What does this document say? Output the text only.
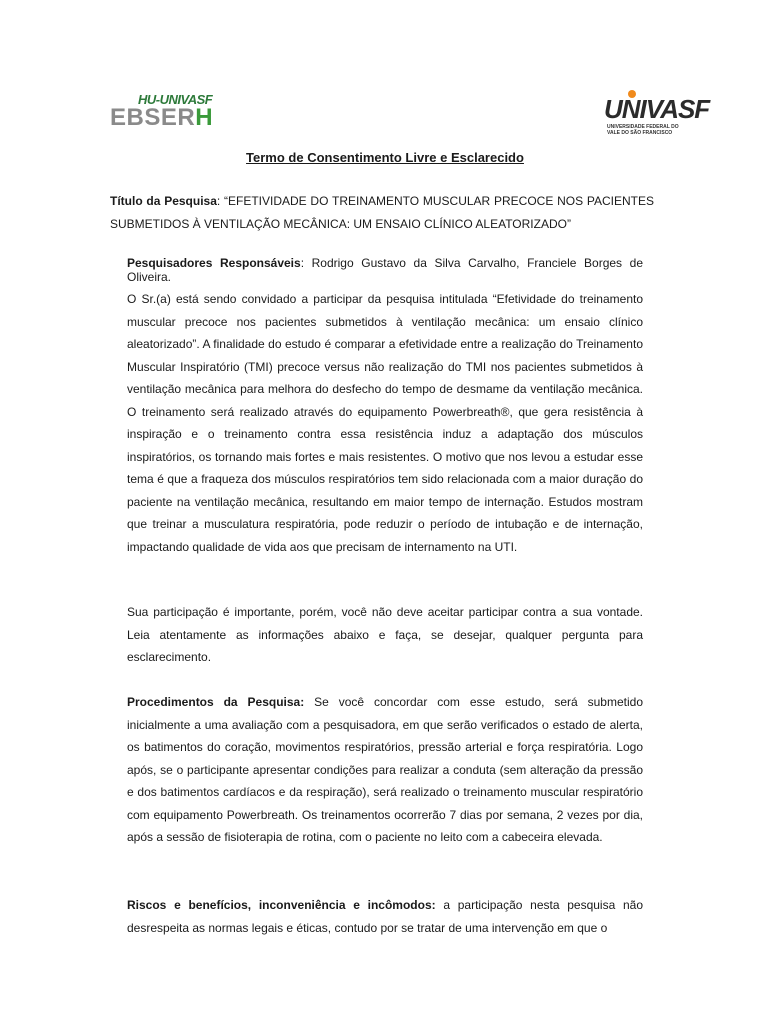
HU-UNIVASF
EBSERH	UNIVASF
UNIVERSIDADE FEDERAL DO
VALE DO SÃO FRANCISCO
Termo de Consentimento Livre e Esclarecido
Título da Pesquisa: “EFETIVIDADE DO TREINAMENTO MUSCULAR PRECOCE NOS PACIENTES SUBMETIDOS À VENTILAÇÃO MECÂNICA: UM ENSAIO CLÍNICO ALEATORIZADO”
Pesquisadores Responsáveis: Rodrigo Gustavo da Silva Carvalho, Franciele Borges de Oliveira.
O Sr.(a) está sendo convidado a participar da pesquisa intitulada “Efetividade do treinamento muscular precoce nos pacientes submetidos à ventilação mecânica: um ensaio clínico aleatorizado”. A finalidade do estudo é comparar a efetividade entre a realização do Treinamento Muscular Inspiratório (TMI) precoce versus não realização do TMI nos pacientes submetidos à ventilação mecânica para melhora do desfecho do tempo de desmame da ventilação mecânica. O treinamento será realizado através do equipamento Powerbreath®, que gera resistência à inspiração e o treinamento contra essa resistência induz a adaptação dos músculos inspiratórios, os tornando mais fortes e mais resistentes. O motivo que nos levou a estudar esse tema é que a fraqueza dos músculos respiratórios tem sido relacionada com a maior duração do paciente na ventilação mecânica, resultando em maior tempo de internação. Estudos mostram que treinar a musculatura respiratória, pode reduzir o período de intubação e de internação, impactando qualidade de vida aos que precisam de internamento na UTI.
Sua participação é importante, porém, você não deve aceitar participar contra a sua vontade. Leia atentamente as informações abaixo e faça, se desejar, qualquer pergunta para esclarecimento.
Procedimentos da Pesquisa: Se você concordar com esse estudo, será submetido inicialmente a uma avaliação com a pesquisadora, em que serão verificados o estado de alerta, os batimentos do coração, movimentos respiratórios, pressão arterial e força respiratória. Logo após, se o participante apresentar condições para realizar a conduta (sem alteração da pressão e dos batimentos cardíacos e da respiração), será realizado o treinamento muscular respiratório com equipamento Powerbreath. Os treinamentos ocorrerão 7 dias por semana, 2 vezes por dia, após a sessão de fisioterapia de rotina, com o paciente no leito com a cabeceira elevada.
Riscos e benefícios, inconveniência e incômodos: a participação nesta pesquisa não desrespeita as normas legais e éticas, contudo por se tratar de uma intervenção em que o
